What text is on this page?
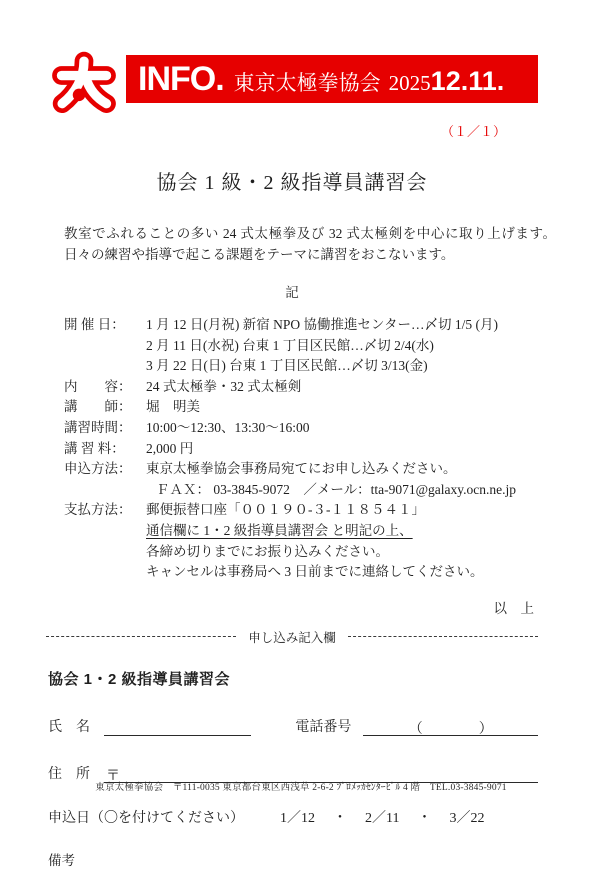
INFO. 東京太極拳協会 2025 12.11.
（１／１）
協会 1 級・2 級指導員講習会
教室でふれることの多い 24 式太極拳及び 32 式太極剣を中心に取り上げます。日々の練習や指導で起こる課題をテーマに講習をおこないます。
記
開 催 日：	1 月 12 日(月祝) 新宿 NPO 協働推進センター…〆切 1/5 (月)
2 月 11 日(水祝) 台東 1 丁目区民館…〆切 2/4(水)
3 月 22 日(日) 台東 1 丁目区民館…〆切 3/13(金)
内　　容：	24 式太極拳・32 式太極剣
講　　師：	堀　明美
講習時間：	10:00～12:30、13:30～16:00
講 習 料：	2,000 円
申込方法：	東京太極拳協会事務局宛てにお申し込みください。
ＦＡＸ： 03-3845-9072　／メール：tta-9071@galaxy.ocn.ne.jp
支払方法：	郵便振替口座「００１９０-３-１１８５４１」
通信欄に 1・2 級指導員講習会 と明記の上、
各締め切りまでにお振り込みください。
キャンセルは事務局へ 3 日前までに連絡してください。
以　上
申し込み記入欄
協会 1・2 級指導員講習会
氏　名	電話番号	（　　　　）
住　所 〒
申込日（〇を付けてください）	1／12	・	2／11	・	3／22
備考
東京太極拳協会　〒111-0035 東京都台東区西浅草 2-6-2 ﾌﾟﾛﾒｯｶｾﾝﾀｰﾋﾞﾙ 4 階　TEL.03-3845-9071
